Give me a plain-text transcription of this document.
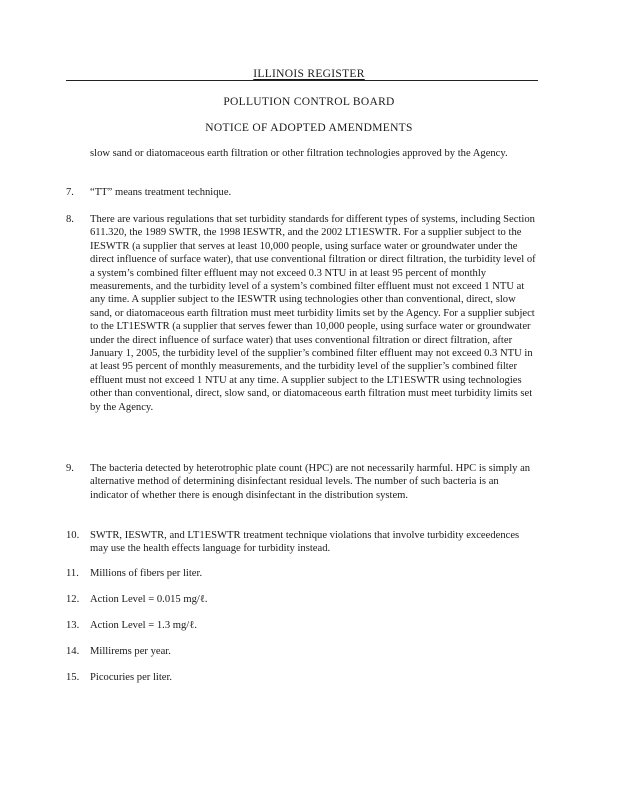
ILLINOIS REGISTER
POLLUTION CONTROL BOARD
NOTICE OF ADOPTED AMENDMENTS
slow sand or diatomaceous earth filtration or other filtration technologies approved by the Agency.
7.	“TT” means treatment technique.
8.	There are various regulations that set turbidity standards for different types of systems, including Section 611.320, the 1989 SWTR, the 1998 IESWTR, and the 2002 LT1ESWTR. For a supplier subject to the IESWTR (a supplier that serves at least 10,000 people, using surface water or groundwater under the direct influence of surface water), that use conventional filtration or direct filtration, the turbidity level of a system’s combined filter effluent may not exceed 0.3 NTU in at least 95 percent of monthly measurements, and the turbidity level of a system’s combined filter effluent must not exceed 1 NTU at any time. A supplier subject to the IESWTR using technologies other than conventional, direct, slow sand, or diatomaceous earth filtration must meet turbidity limits set by the Agency. For a supplier subject to the LT1ESWTR (a supplier that serves fewer than 10,000 people, using surface water or groundwater under the direct influence of surface water) that uses conventional filtration or direct filtration, after January 1, 2005, the turbidity level of the supplier’s combined filter effluent may not exceed 0.3 NTU in at least 95 percent of monthly measurements, and the turbidity level of the supplier’s combined filter effluent must not exceed 1 NTU at any time. A supplier subject to the LT1ESWTR using technologies other than conventional, direct, slow sand, or diatomaceous earth filtration must meet turbidity limits set by the Agency.
9.	The bacteria detected by heterotrophic plate count (HPC) are not necessarily harmful. HPC is simply an alternative method of determining disinfectant residual levels. The number of such bacteria is an indicator of whether there is enough disinfectant in the distribution system.
10.	SWTR, IESWTR, and LT1ESWTR treatment technique violations that involve turbidity exceedences may use the health effects language for turbidity instead.
11.	Millions of fibers per liter.
12.	Action Level = 0.015 mg/ℓ.
13.	Action Level = 1.3 mg/ℓ.
14.	Millirems per year.
15.	Picocuries per liter.
